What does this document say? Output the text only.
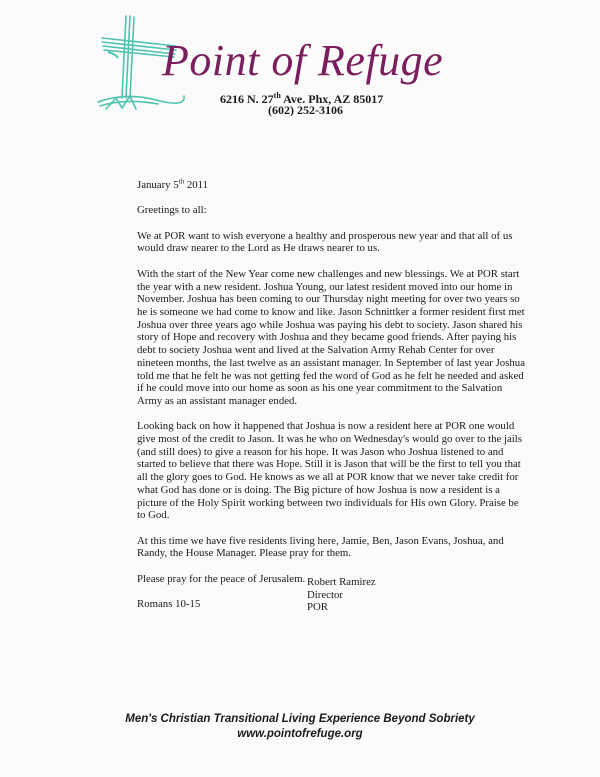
Point of Refuge
6216 N. 27th Ave. Phx, AZ 85017
(602) 252-3106

January 5th 2011

Greetings to all:

We at POR want to wish everyone a healthy and prosperous new year and that all of us would draw nearer to the Lord as He draws nearer to us.

With the start of the New Year come new challenges and new blessings. We at POR start the year with a new resident. Joshua Young, our latest resident moved into our home in November. Joshua has been coming to our Thursday night meeting for over two years so he is someone we had come to know and like. Jason Schnittker a former resident first met Joshua over three years ago while Joshua was paying his debt to society. Jason shared his story of Hope and recovery with Joshua and they became good friends. After paying his debt to society Joshua went and lived at the Salvation Army Rehab Center for over nineteen months, the last twelve as an assistant manager. In September of last year Joshua told me that he felt he was not getting fed the word of God as he felt he needed and asked if he could move into our home as soon as his one year commitment to the Salvation Army as an assistant manager ended.

Looking back on how it happened that Joshua is now a resident here at POR one would give most of the credit to Jason. It was he who on Wednesday's would go over to the jails (and still does) to give a reason for his hope. It was Jason who Joshua listened to and started to believe that there was Hope. Still it is Jason that will be the first to tell you that all the glory goes to God. He knows as we all at POR know that we never take credit for what God has done or is doing. The Big picture of how Joshua is now a resident is a picture of the Holy Spirit working between two individuals for His own Glory. Praise be to God.

At this time we have five residents living here, Jamie, Ben, Jason Evans, Joshua, and Randy, the House Manager. Please pray for them.

Please pray for the peace of Jerusalem.

Romans 10-15

Robert Ramirez
Director
POR
Men's Christian Transitional Living Experience Beyond Sobriety
www.pointofrefuge.org
